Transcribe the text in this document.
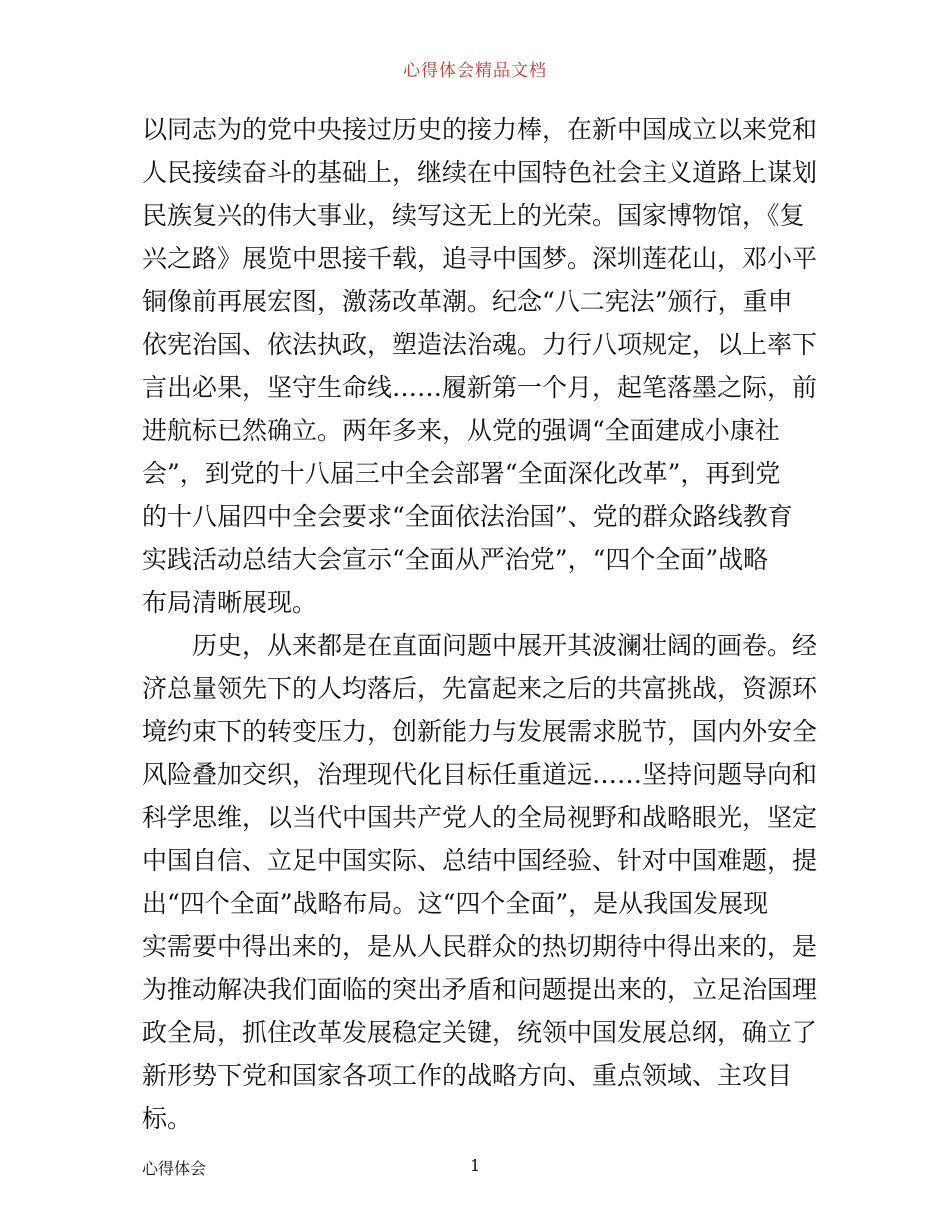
心得体会精品文档
以同志为的党中央接过历史的接力棒，在新中国成立以来党和
人民接续奋斗的基础上，继续在中国特色社会主义道路上谋划
民族复兴的伟大事业，续写这无上的光荣。国家博物馆，《复
兴之路》展览中思接千载，追寻中国梦。深圳莲花山，邓小平
铜像前再展宏图，激荡改革潮。纪念“八二宪法”颁行，重申
依宪治国、依法执政，塑造法治魂。力行八项规定，以上率下
言出必果，坚守生命线……履新第一个月，起笔落墨之际，前
进航标已然确立。两年多来，从党的强调“全面建成小康社
会”，到党的十八届三中全会部署“全面深化改革”，再到党
的十八届四中全会要求“全面依法治国”、党的群众路线教育
实践活动总结大会宣示“全面从严治党”，“四个全面”战略
布局清晰展现。
历史，从来都是在直面问题中展开其波澜壮阔的画卷。经
济总量领先下的人均落后，先富起来之后的共富挑战，资源环
境约束下的转变压力，创新能力与发展需求脱节，国内外安全
风险叠加交织，治理现代化目标任重道远……坚持问题导向和
科学思维，以当代中国共产党人的全局视野和战略眼光，坚定
中国自信、立足中国实际、总结中国经验、针对中国难题，提
出“四个全面”战略布局。这“四个全面”，是从我国发展现
实需要中得出来的，是从人民群众的热切期待中得出来的，是
为推动解决我们面临的突出矛盾和问题提出来的，立足治国理
政全局，抓住改革发展稳定关键，统领中国发展总纲，确立了
新形势下党和国家各项工作的战略方向、重点领域、主攻目
标。
心得体会	1
